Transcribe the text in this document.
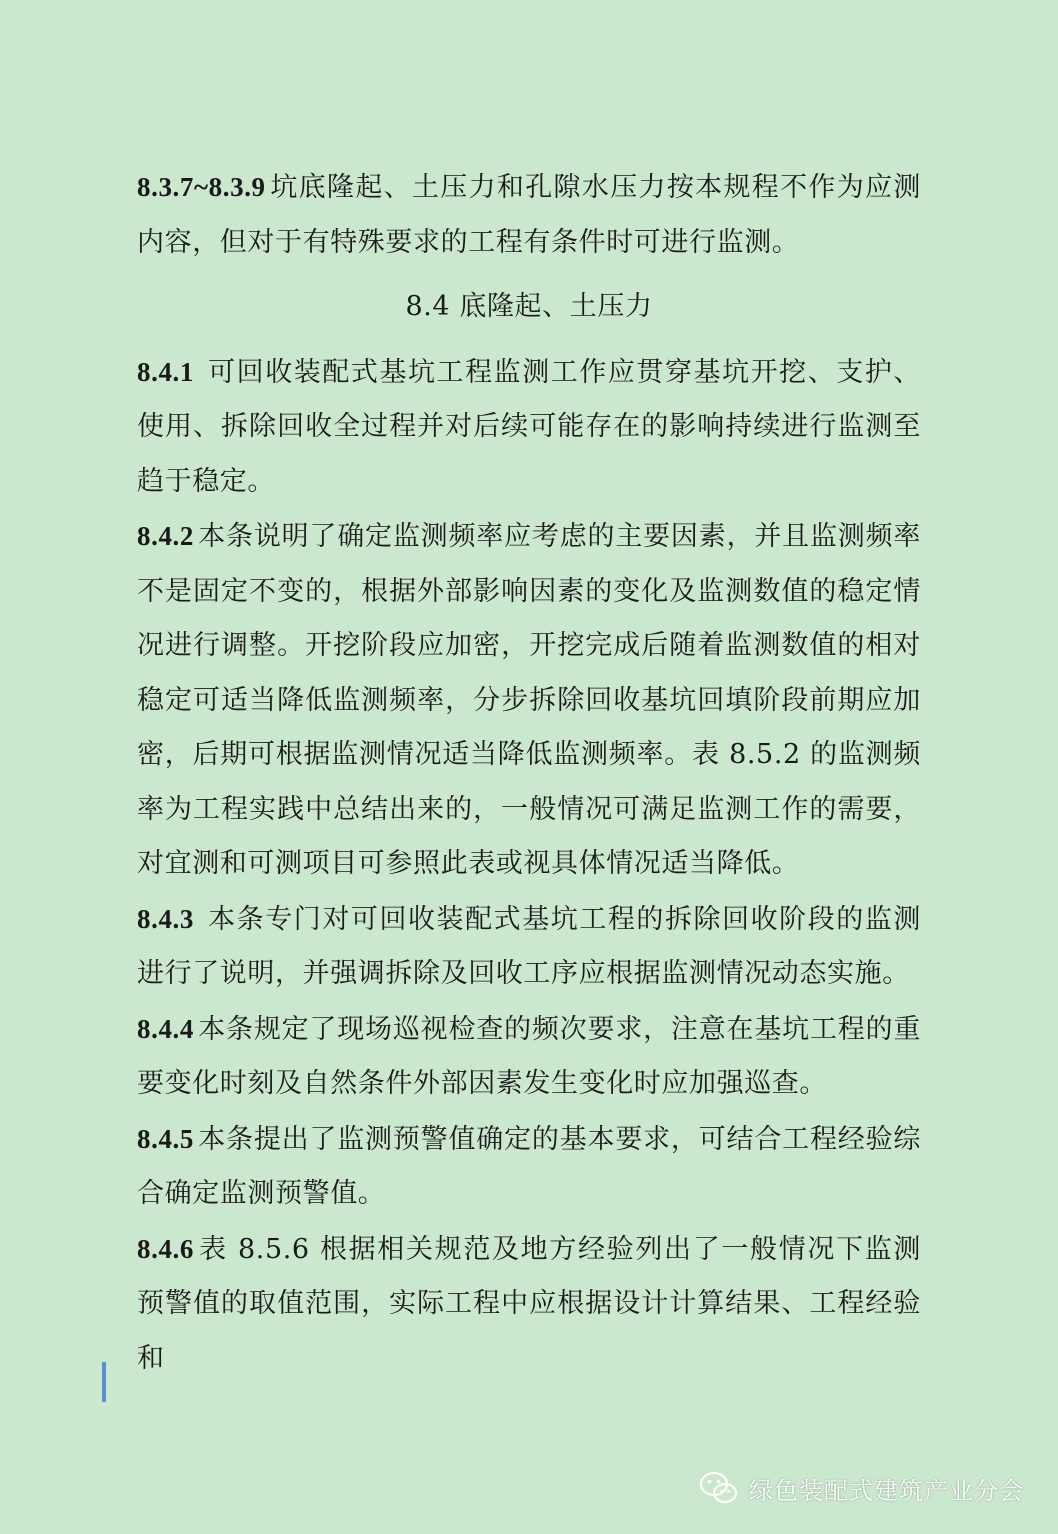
8.3.7~8.3.9 坑底隆起、土压力和孔隙水压力按本规程不作为应测内容，但对于有特殊要求的工程有条件时可进行监测。

8.4 底隆起、土压力

8.4.1 可回收装配式基坑工程监测工作应贯穿基坑开挖、支护、使用、拆除回收全过程并对后续可能存在的影响持续进行监测至趋于稳定。

8.4.2 本条说明了确定监测频率应考虑的主要因素，并且监测频率不是固定不变的，根据外部影响因素的变化及监测数值的稳定情况进行调整。开挖阶段应加密，开挖完成后随着监测数值的相对稳定可适当降低监测频率，分步拆除回收基坑回填阶段前期应加密，后期可根据监测情况适当降低监测频率。表 8.5.2 的监测频率为工程实践中总结出来的，一般情况可满足监测工作的需要，对宜测和可测项目可参照此表或视具体情况适当降低。

8.4.3 本条专门对可回收装配式基坑工程的拆除回收阶段的监测进行了说明，并强调拆除及回收工序应根据监测情况动态实施。

8.4.4 本条规定了现场巡视检查的频次要求，注意在基坑工程的重要变化时刻及自然条件外部因素发生变化时应加强巡查。

8.4.5 本条提出了监测预警值确定的基本要求，可结合工程经验综合确定监测预警值。

8.4.6 表 8.5.6 根据相关规范及地方经验列出了一般情况下监测预警值的取值范围，实际工程中应根据设计计算结果、工程经验和

绿色装配式建筑产业分会
